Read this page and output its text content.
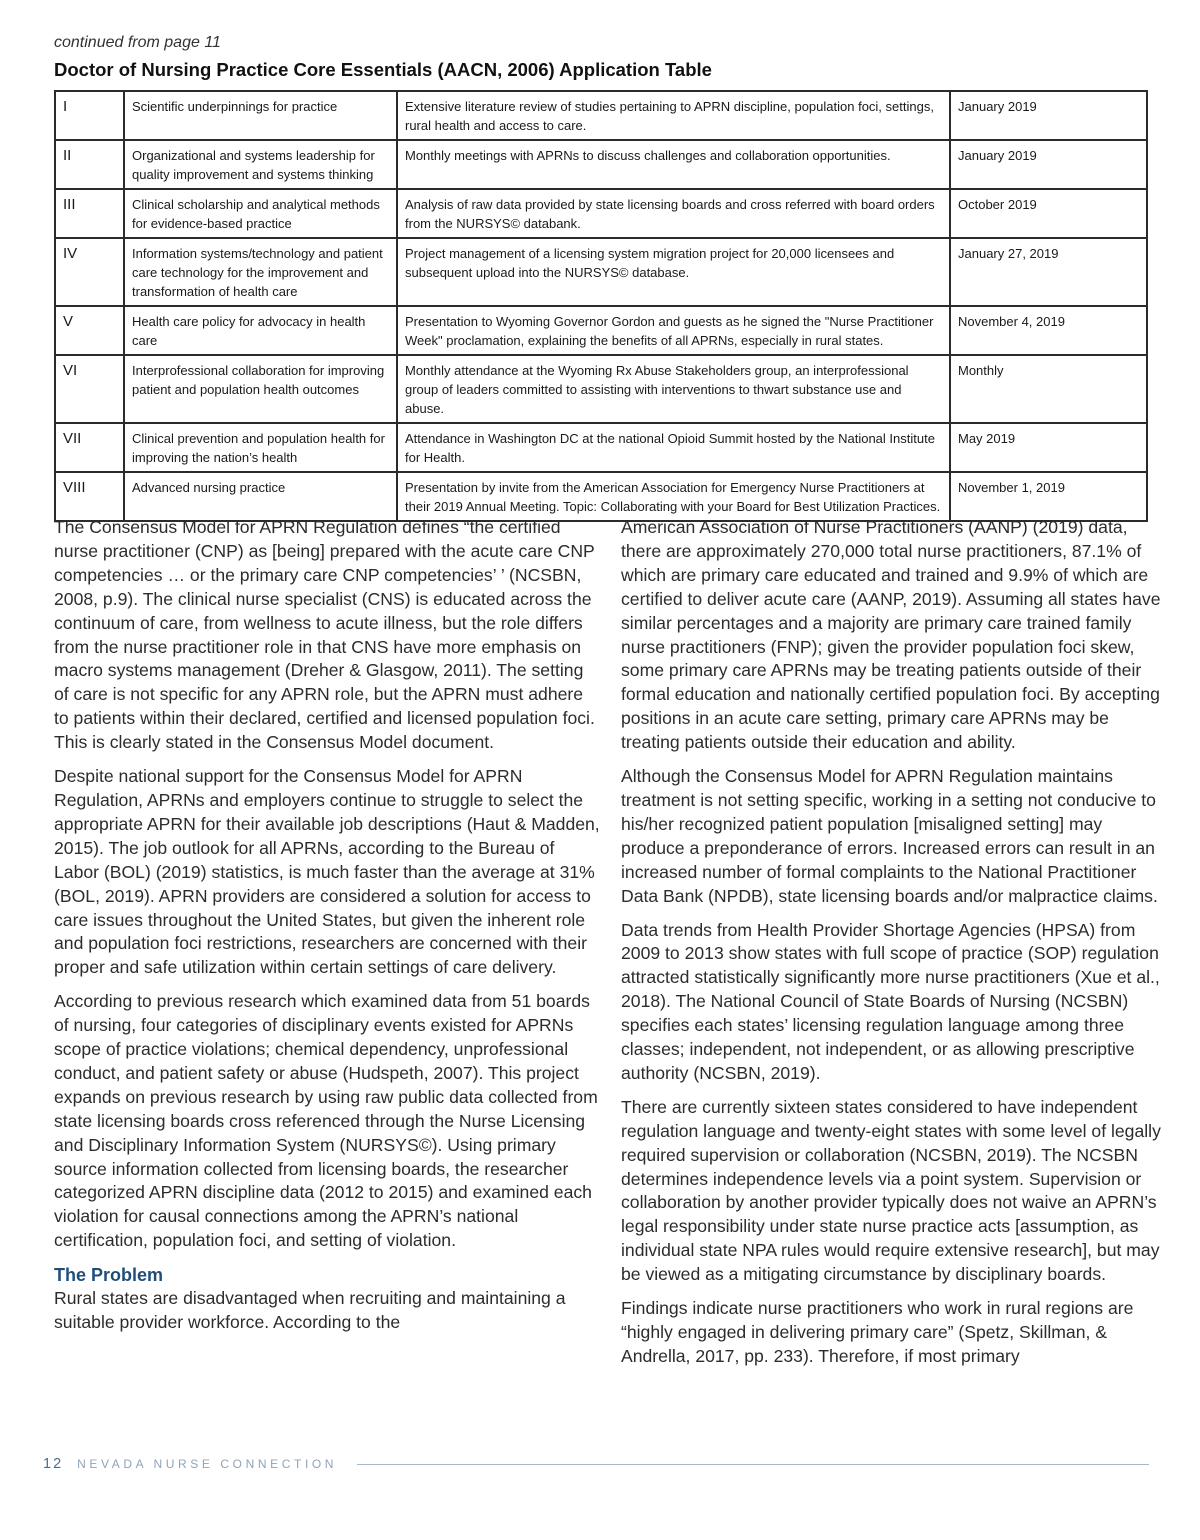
continued from page 11

Doctor of Nursing Practice Core Essentials (AACN, 2006) Application Table

I	Scientific underpinnings for practice	Extensive literature review of studies pertaining to APRN discipline, population foci, settings, rural health and access to care.	January 2019
II	Organizational and systems leadership for quality improvement and systems thinking	Monthly meetings with APRNs to discuss challenges and collaboration opportunities.	January 2019
III	Clinical scholarship and analytical methods for evidence-based practice	Analysis of raw data provided by state licensing boards and cross referred with board orders from the NURSYS© databank.	October 2019
IV	Information systems/technology and patient care technology for the improvement and transformation of health care	Project management of a licensing system migration project for 20,000 licensees and subsequent upload into the NURSYS© database.	January 27, 2019
V	Health care policy for advocacy in health care	Presentation to Wyoming Governor Gordon and guests as he signed the "Nurse Practitioner Week" proclamation, explaining the benefits of all APRNs, especially in rural states.	November 4, 2019
VI	Interprofessional collaboration for improving patient and population health outcomes	Monthly attendance at the Wyoming Rx Abuse Stakeholders group, an interprofessional group of leaders committed to assisting with interventions to thwart substance use and abuse.	Monthly
VII	Clinical prevention and population health for improving the nation’s health	Attendance in Washington DC at the national Opioid Summit hosted by the National Institute for Health.	May 2019
VIII	Advanced nursing practice	Presentation by invite from the American Association for Emergency Nurse Practitioners at their 2019 Annual Meeting. Topic: Collaborating with your Board for Best Utilization Practices.	November 1, 2019

The Consensus Model for APRN Regulation defines “the certified nurse practitioner (CNP) as [being] prepared with the acute care CNP competencies … or the primary care CNP competencies’ ’ (NCSBN, 2008, p.9). The clinical nurse specialist (CNS) is educated across the continuum of care, from wellness to acute illness, but the role differs from the nurse practitioner role in that CNS have more emphasis on macro systems management (Dreher & Glasgow, 2011). The setting of care is not specific for any APRN role, but the APRN must adhere to patients within their declared, certified and licensed population foci. This is clearly stated in the Consensus Model document.

Despite national support for the Consensus Model for APRN Regulation, APRNs and employers continue to struggle to select the appropriate APRN for their available job descriptions (Haut & Madden, 2015). The job outlook for all APRNs, according to the Bureau of Labor (BOL) (2019) statistics, is much faster than the average at 31% (BOL, 2019). APRN providers are considered a solution for access to care issues throughout the United States, but given the inherent role and population foci restrictions, researchers are concerned with their proper and safe utilization within certain settings of care delivery.

According to previous research which examined data from 51 boards of nursing, four categories of disciplinary events existed for APRNs scope of practice violations; chemical dependency, unprofessional conduct, and patient safety or abuse (Hudspeth, 2007). This project expands on previous research by using raw public data collected from state licensing boards cross referenced through the Nurse Licensing and Disciplinary Information System (NURSYS©). Using primary source information collected from licensing boards, the researcher categorized APRN discipline data (2012 to 2015) and examined each violation for causal connections among the APRN’s national certification, population foci, and setting of violation.

The Problem

Rural states are disadvantaged when recruiting and maintaining a suitable provider workforce. According to the

American Association of Nurse Practitioners (AANP) (2019) data, there are approximately 270,000 total nurse practitioners, 87.1% of which are primary care educated and trained and 9.9% of which are certified to deliver acute care (AANP, 2019). Assuming all states have similar percentages and a majority are primary care trained family nurse practitioners (FNP); given the provider population foci skew, some primary care APRNs may be treating patients outside of their formal education and nationally certified population foci. By accepting positions in an acute care setting, primary care APRNs may be treating patients outside their education and ability.

Although the Consensus Model for APRN Regulation maintains treatment is not setting specific, working in a setting not conducive to his/her recognized patient population [misaligned setting] may produce a preponderance of errors. Increased errors can result in an increased number of formal complaints to the National Practitioner Data Bank (NPDB), state licensing boards and/or malpractice claims.

Data trends from Health Provider Shortage Agencies (HPSA) from 2009 to 2013 show states with full scope of practice (SOP) regulation attracted statistically significantly more nurse practitioners (Xue et al., 2018). The National Council of State Boards of Nursing (NCSBN) specifies each states’ licensing regulation language among three classes; independent, not independent, or as allowing prescriptive authority (NCSBN, 2019).

There are currently sixteen states considered to have independent regulation language and twenty-eight states with some level of legally required supervision or collaboration (NCSBN, 2019). The NCSBN determines independence levels via a point system. Supervision or collaboration by another provider typically does not waive an APRN’s legal responsibility under state nurse practice acts [assumption, as individual state NPA rules would require extensive research], but may be viewed as a mitigating circumstance by disciplinary boards.

Findings indicate nurse practitioners who work in rural regions are “highly engaged in delivering primary care” (Spetz, Skillman, & Andrella, 2017, pp. 233). Therefore, if most primary

12 NEVADA NURSE CONNECTION
